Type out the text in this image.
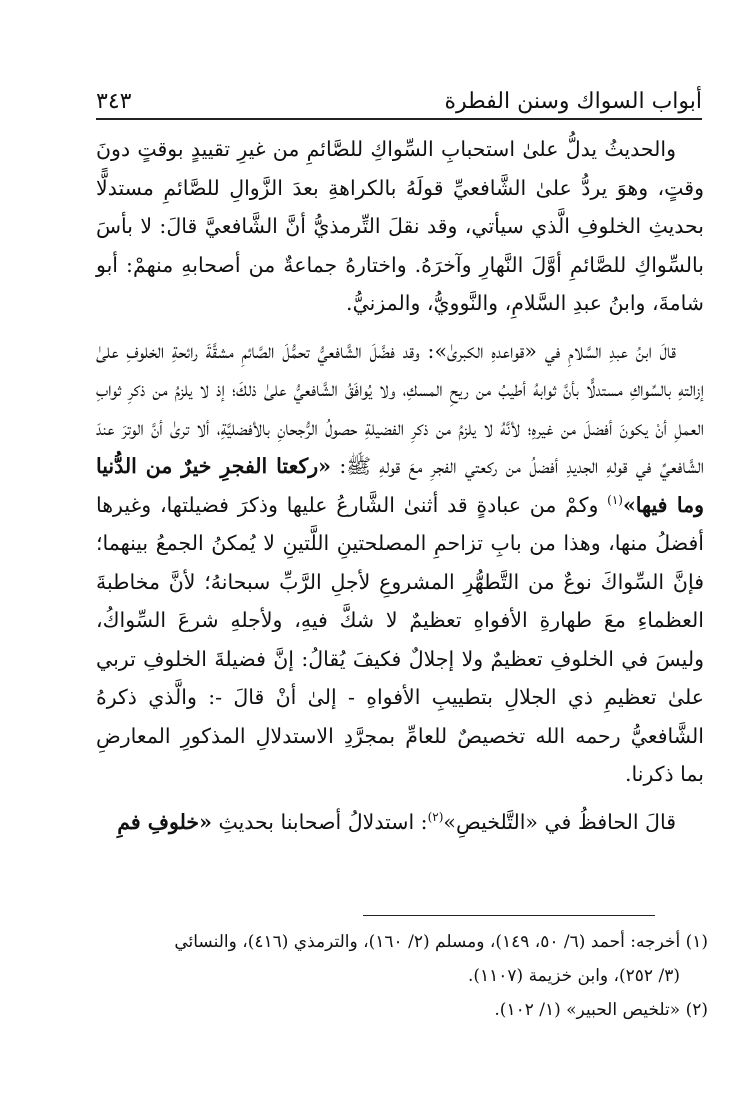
أبواب السواك وسنن الفطرة
٣٤٣

والحديثُ يدلُّ علىٰ استحبابِ السِّواكِ للصَّائمِ من غيرِ تقييدٍ بوقتٍ دونَ وقتٍ، وهوَ يردُّ علىٰ الشَّافعيِّ قولَهُ بالكراهةِ بعدَ الزَّوالِ للصَّائمِ مستدلًّا بحديثِ الخلوفِ الَّذي سيأتي، وقد نقلَ التِّرمذيُّ أنَّ الشَّافعيَّ قالَ: لا بأسَ بالسِّواكِ للصَّائمِ أوَّلَ النَّهارِ وآخرَهُ. واختارهُ جماعةٌ من أصحابهِ منهمْ: أبو شامةَ، وابنُ عبدِ السَّلامِ، والنَّوويُّ، والمزنيُّ.

قالَ ابنُ عبدِ السَّلامِ في «قواعدهِ الكبرىٰ»: وقد فضَّلَ الشَّافعيُّ تحمُّلَ الصَّائمِ مشقَّةَ رائحةِ الخلوفِ علىٰ إزالتهِ بالسِّواكِ مستدلًّا بأنَّ ثوابهُ أطيبُ من ريحِ المسكِ، ولا يُوافَقُ الشَّافعيُّ علىٰ ذلكَ؛ إذ لا يلزمُ من ذكرِ ثوابِ العملِ أنْ يكونَ أفضلَ من غيرهِ؛ لأنَّهُ لا يلزمُ من ذكرِ الفضيلةِ حصولُ الرُّجحانِ بالأفضليَّةِ، ألا ترىٰ أنَّ الوترَ عندَ الشَّافعيِّ في قولهِ الجديدِ أفضلُ من ركعتي الفجرِ معَ قولهِ ﷺ: «ركعتا الفجرِ خيرٌ من الدُّنيا وما فيها»$^{(١)}$ وكمْ من عبادةٍ قد أثنىٰ الشَّارعُ عليها وذكرَ فضيلتها، وغيرها أفضلُ منها، وهذا من بابِ تزاحمِ المصلحتينِ اللَّتينِ لا يُمكنُ الجمعُ بينهما؛ فإنَّ السِّواكَ نوعٌ من التَّطهُّرِ المشروعِ لأجلِ الرَّبِّ سبحانهُ؛ لأنَّ مخاطبةَ العظماءِ معَ طهارةِ الأفواهِ تعظيمٌ لا شكَّ فيهِ، ولأجلهِ شرعَ السِّواكُ، وليسَ في الخلوفِ تعظيمٌ ولا إجلالٌ فكيفَ يُقالُ: إنَّ فضيلةَ الخلوفِ تربي علىٰ تعظيمِ ذي الجلالِ بتطييبِ الأفواهِ - إلىٰ أنْ قالَ -: والَّذي ذكرهُ الشَّافعيُّ رحمه الله تخصيصٌ للعامِّ بمجرَّدِ الاستدلالِ المذكورِ المعارضِ بما ذكرنا.

قالَ الحافظُ في «التَّلخيصِ»$^{(٢)}$: استدلالُ أصحابنا بحديثِ «خلوفِ فمِ

(١) أخرجه: أحمد (٦/ ٥٠، ١٤٩)، ومسلم (٢/ ١٦٠)، والترمذي (٤١٦)، والنسائي

(٣/ ٢٥٢)، وابن خزيمة (١١٠٧).

(٢) «تلخيص الحبير» (١/ ١٠٢).
